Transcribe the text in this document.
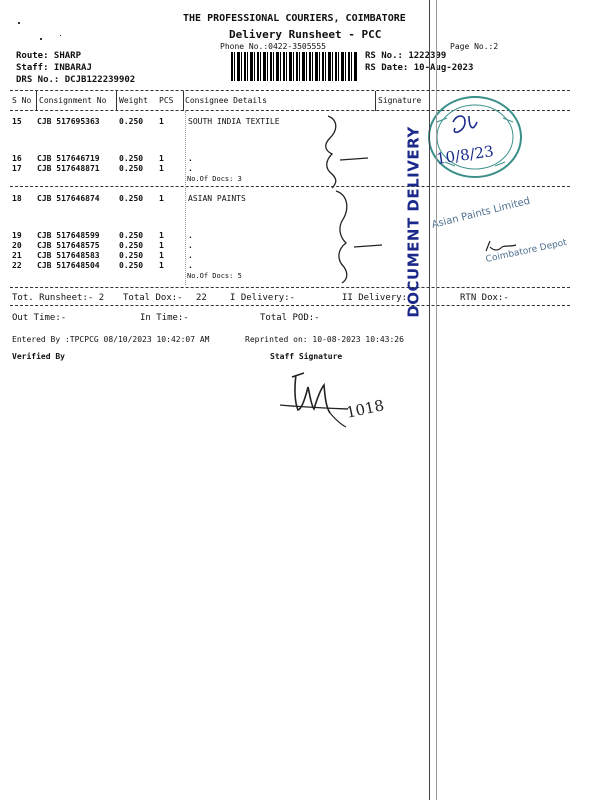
THE PROFESSIONAL COURIERS, COIMBATORE
Delivery Runsheet - PCC
Phone No.:0422-3505555	Page No.:2
Route: SHARP
Staff: INBARAJ
DRS No.: DCJB122239902
RS No.: 1222399
RS Date: 10-Aug-2023
S No Consignment No Weight PCS Consignee Details	Signature
15 CJB 517695363 0.250 1	SOUTH INDIA TEXTILE
16 CJB 517646719 0.250 1	.
17 CJB 517648871 0.250 1	.
No.Of Docs: 3
18 CJB 517646874 0.250 1	ASIAN PAINTS
19 CJB 517648599 0.250 1	.
20 CJB 517648575 0.250 1	.
21 CJB 517648583 0.250 1	.
22 CJB 517648504 0.250 1	.
No.Of Docs: 5
Tot. Runsheet:- 2 Total Dox:- 22	I Delivery:-	II Delivery:	RTN Dox:-
Out Time:-	In Time:-	Total POD:-
Entered By :TPCPCG 08/10/2023 10:42:07 AM	Reprinted on: 10-08-2023 10:43:26
Verified By	Staff Signature
1018
DOCUMENT DELIVERY 10/8/23
Asian Paints Limited
Coimbatore Depot
